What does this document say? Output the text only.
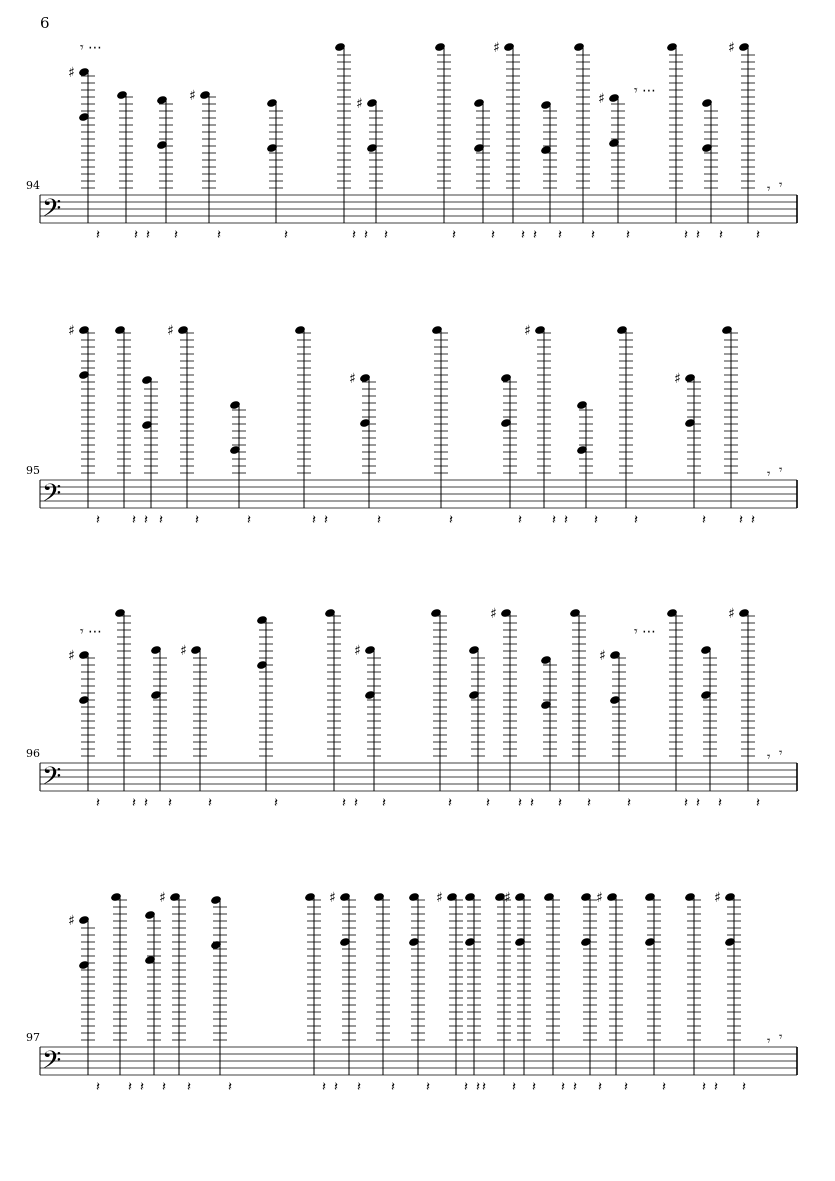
6
94
𝄢
♯
𝄽	𝄽 𝄽 𝄽
♯
𝄽	𝄽	𝄽 𝄽
♯
𝄽	𝄽	𝄽
♯
𝄽 𝄽 𝄽 𝄽
♯
𝄽	𝄽 𝄽 𝄽
♯
𝄽
𝄾 𝄾
95
𝄢
♯
𝄽 𝄽 𝄽 𝄽
♯
𝄽	𝄽	𝄽 𝄽
♯
𝄽	𝄽	𝄽
♯
𝄽 𝄽 𝄽	𝄽
♯
𝄽	𝄽 𝄽
𝄾 𝄾
96
𝄢
♯
𝄽 𝄽 𝄽 𝄽
♯
𝄽	𝄽	𝄽 𝄽
♯
𝄽	𝄽	𝄽
♯
𝄽 𝄽 𝄽 𝄽
♯
𝄽	𝄽 𝄽 𝄽
♯
𝄽
𝄾 𝄾
97
𝄢
♯
𝄽 𝄽 𝄽 𝄽
♯
𝄽	𝄽	𝄽 𝄽
♯
𝄽 𝄽 𝄽
♯
𝄽 𝄽 𝄽 𝄽
♯
𝄽 𝄽 𝄽 𝄽
♯
𝄽	𝄽	𝄽 𝄽
♯
𝄽
𝄾 𝄾
𝄾 ⋯
𝄾 ⋯
𝄾 ⋯	𝄾 ⋯
